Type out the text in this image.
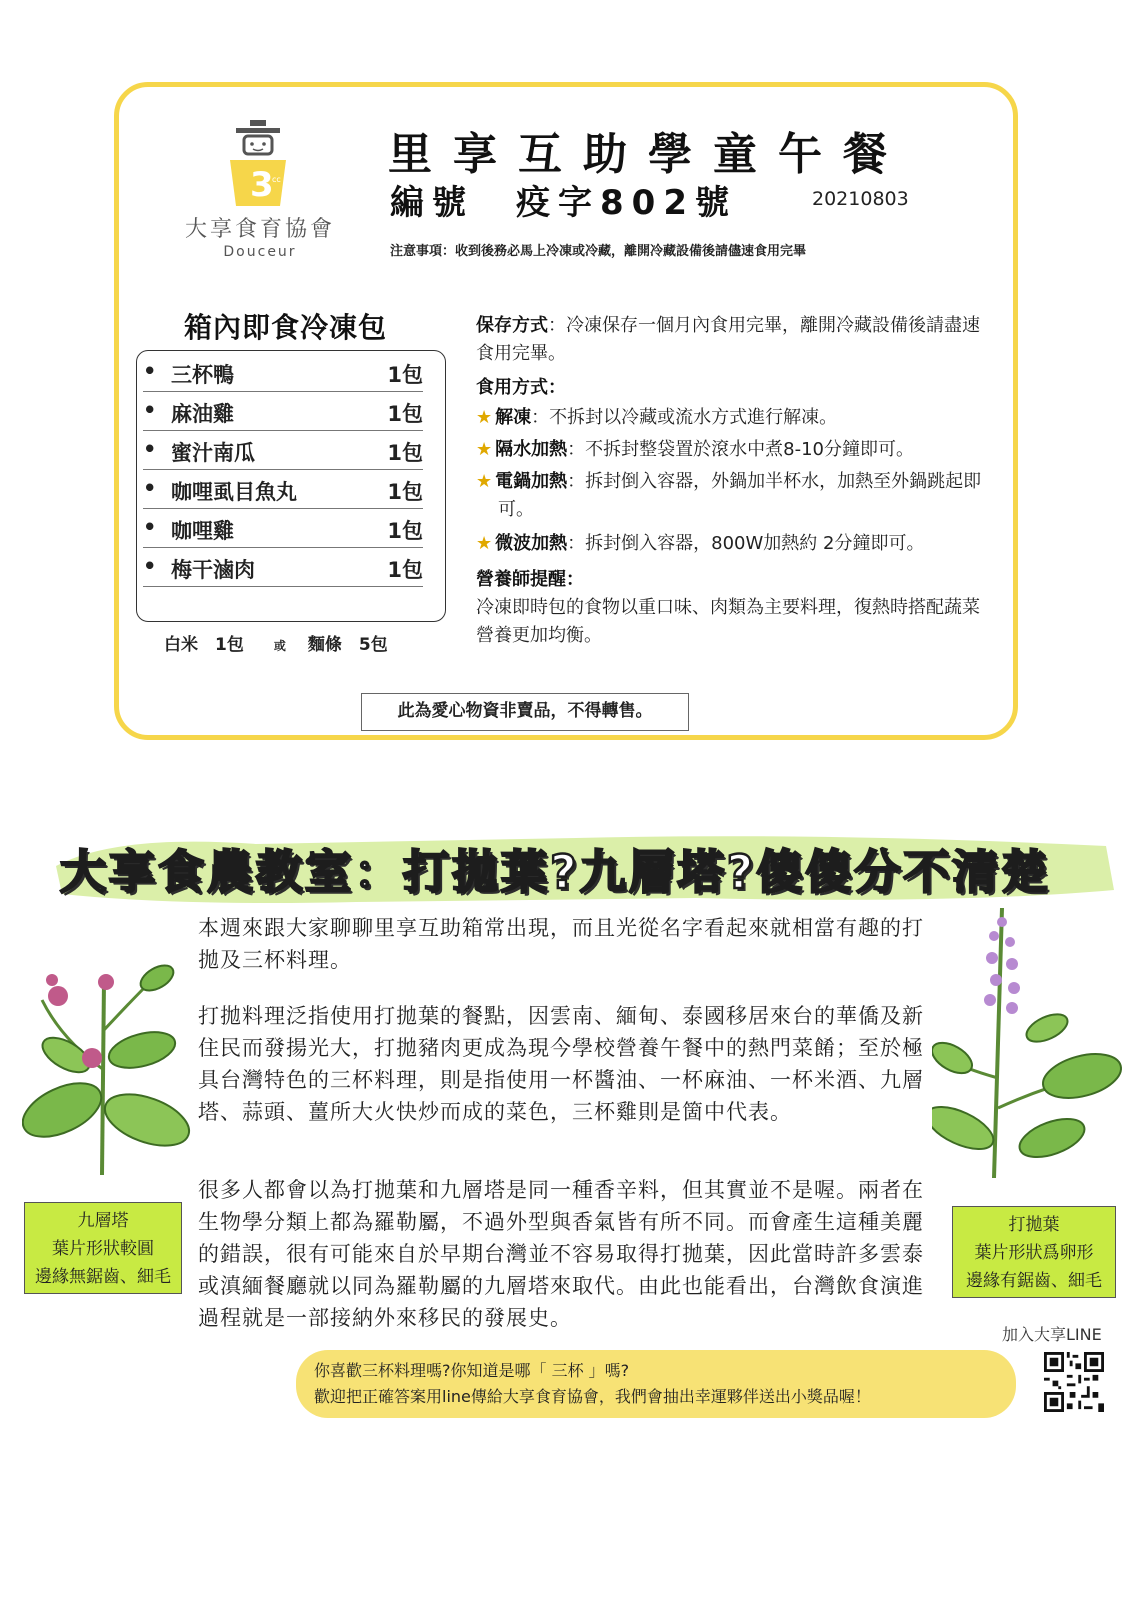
3
cc
大享食育協會
Douceur
里享互助學童午餐
編號　疫字802號	20210803
注意事項：收到後務必馬上冷凍或冷藏，離開冷藏設備後請儘速食用完畢
箱內即食冷凍包
• 三杯鴨	1包
• 麻油雞	1包
• 蜜汁南瓜	1包
• 咖哩虱目魚丸	1包
• 咖哩雞	1包
• 梅干滷肉	1包
白米　1包	或 麵條　5包
保存方式：冷凍保存一個月內食用完畢，離開冷藏設備後請盡速食用完畢。
食用方式：
★ 解凍：不拆封以冷藏或流水方式進行解凍。
★ 隔水加熱：不拆封整袋置於滾水中煮8-10分鐘即可。
★ 電鍋加熱：拆封倒入容器，外鍋加半杯水，加熱至外鍋跳起即可。
★ 微波加熱：拆封倒入容器，800W加熱約 2分鐘即可。
營養師提醒：
冷凍即時包的食物以重口味、肉類為主要料理，復熱時搭配蔬菜營養更加均衡。
此為愛心物資非賣品，不得轉售。
大享食農教室：打拋葉?九層塔?傻傻分不清楚
本週來跟大家聊聊里享互助箱常出現，而且光從名字看起來就相當有趣的打拋及三杯料理。
打拋料理泛指使用打拋葉的餐點，因雲南、緬甸、泰國移居來台的華僑及新住民而發揚光大，打拋豬肉更成為現今學校營養午餐中的熱門菜餚；至於極具台灣特色的三杯料理，則是指使用一杯醬油、一杯麻油、一杯米酒、九層塔、蒜頭、薑所大火快炒而成的菜色，三杯雞則是箇中代表。
很多人都會以為打拋葉和九層塔是同一種香辛料，但其實並不是喔。兩者在生物學分類上都為羅勒屬，不過外型與香氣皆有所不同。而會產生這種美麗的錯誤，很有可能來自於早期台灣並不容易取得打拋葉，因此當時許多雲泰或滇緬餐廳就以同為羅勒屬的九層塔來取代。由此也能看出，台灣飲食演進過程就是一部接納外來移民的發展史。
九層塔
葉片形狀較圓
邊緣無鋸齒、細毛
打拋葉
葉片形狀爲卵形
邊緣有鋸齒、細毛
加入大享LINE
你喜歡三杯料理嗎?你知道是哪「 三杯 」嗎?
歡迎把正確答案用line傳給大享食育協會，我們會抽出幸運夥伴送出小獎品喔！
